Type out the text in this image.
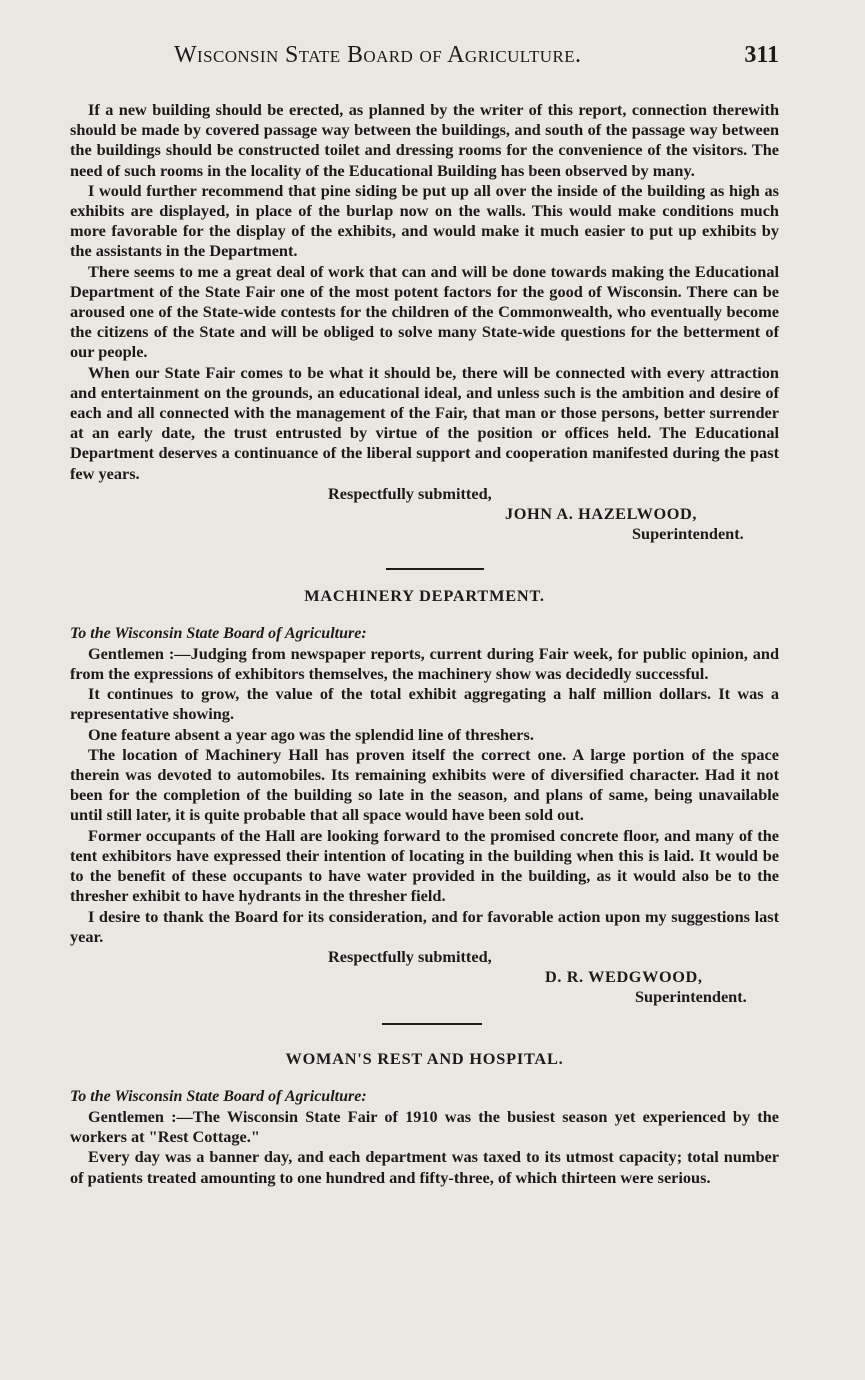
Wisconsin State Board of Agriculture.	311

If a new building should be erected, as planned by the writer of this report, connection therewith should be made by covered passage way between the buildings, and south of the passage way between the buildings should be constructed toilet and dressing rooms for the convenience of the visitors. The need of such rooms in the locality of the Educational Building has been observed by many.

I would further recommend that pine siding be put up all over the inside of the building as high as exhibits are displayed, in place of the burlap now on the walls. This would make conditions much more favorable for the display of the exhibits, and would make it much easier to put up exhibits by the assistants in the Department.

There seems to me a great deal of work that can and will be done towards making the Educational Department of the State Fair one of the most potent factors for the good of Wisconsin. There can be aroused one of the State-wide contests for the children of the Commonwealth, who eventually become the citizens of the State and will be obliged to solve many State-wide questions for the betterment of our people.

When our State Fair comes to be what it should be, there will be connected with every attraction and entertainment on the grounds, an educational ideal, and unless such is the ambition and desire of each and all connected with the management of the Fair, that man or those persons, better surrender at an early date, the trust entrusted by virtue of the position or offices held. The Educational Department deserves a continuance of the liberal support and cooperation manifested during the past few years.

Respectfully submitted,
JOHN A. HAZELWOOD,
Superintendent.
MACHINERY DEPARTMENT.
To the Wisconsin State Board of Agriculture:

Gentlemen :—Judging from newspaper reports, current during Fair week, for public opinion, and from the expressions of exhibitors themselves, the machinery show was decidedly successful.

It continues to grow, the value of the total exhibit aggregating a half million dollars. It was a representative showing.

One feature absent a year ago was the splendid line of threshers.

The location of Machinery Hall has proven itself the correct one. A large portion of the space therein was devoted to automobiles. Its remaining exhibits were of diversified character. Had it not been for the completion of the building so late in the season, and plans of same, being unavailable until still later, it is quite probable that all space would have been sold out.

Former occupants of the Hall are looking forward to the promised concrete floor, and many of the tent exhibitors have expressed their intention of locating in the building when this is laid. It would be to the benefit of these occupants to have water provided in the building, as it would also be to the thresher exhibit to have hydrants in the thresher field.

I desire to thank the Board for its consideration, and for favorable action upon my suggestions last year.

Respectfully submitted,
D. R. WEDGWOOD,
Superintendent.
WOMAN'S REST AND HOSPITAL.
To the Wisconsin State Board of Agriculture:

Gentlemen :—The Wisconsin State Fair of 1910 was the busiest season yet experienced by the workers at "Rest Cottage."

Every day was a banner day, and each department was taxed to its utmost capacity; total number of patients treated amounting to one hundred and fifty-three, of which thirteen were serious.
